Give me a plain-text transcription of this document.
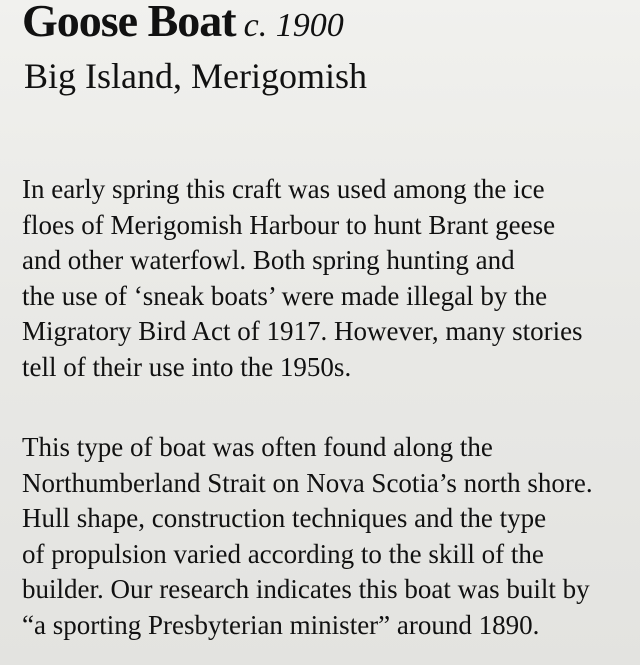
Goose Boat c. 1900
Big Island, Merigomish
In early spring this craft was used among the ice
floes of Merigomish Harbour to hunt Brant geese
and other waterfowl. Both spring hunting and
the use of ‘sneak boats’ were made illegal by the
Migratory Bird Act of 1917. However, many stories
tell of their use into the 1950s.
This type of boat was often found along the
Northumberland Strait on Nova Scotia’s north shore.
Hull shape, construction techniques and the type
of propulsion varied according to the skill of the
builder. Our research indicates this boat was built by
“a sporting Presbyterian minister” around 1890.
